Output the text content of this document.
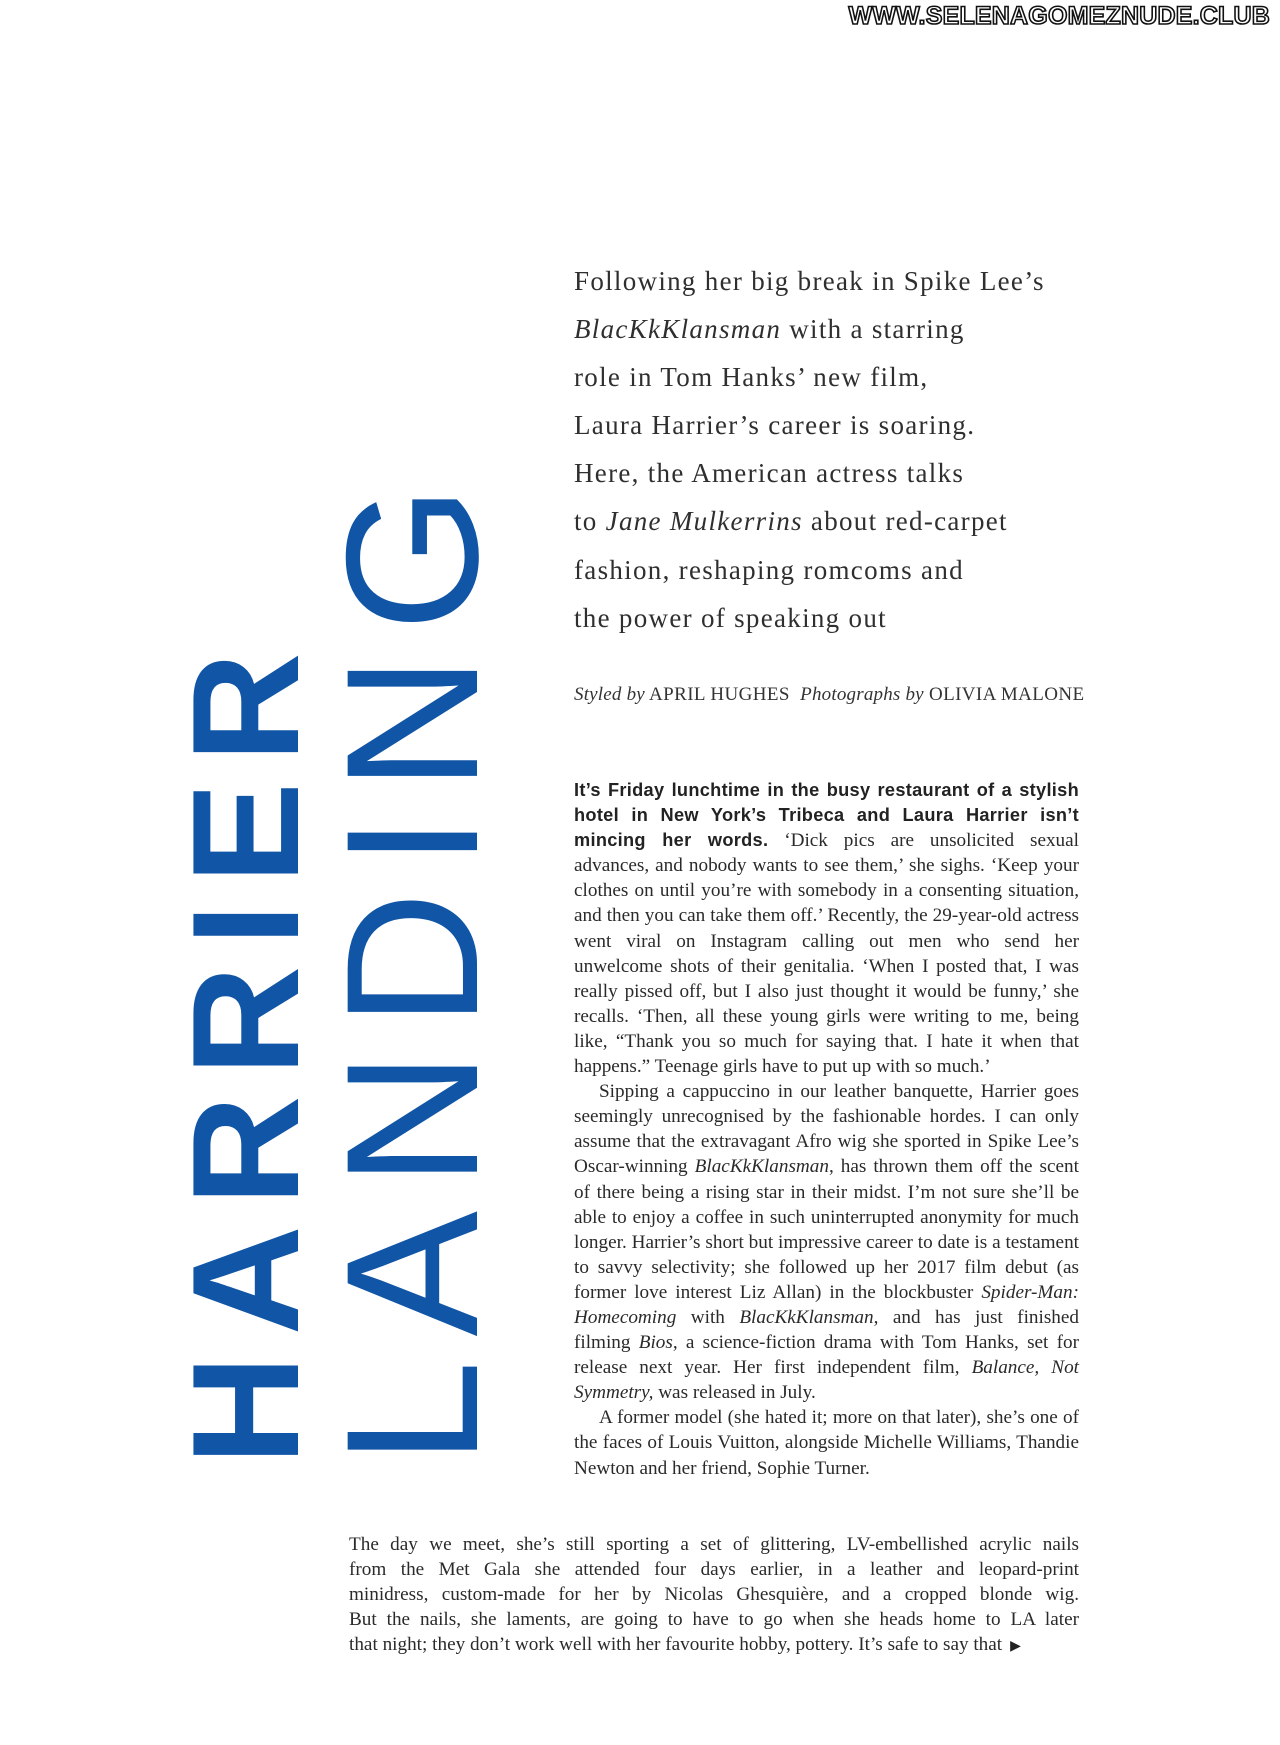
WWW.SELENAGOMEZNUDE.CLUB
HARRIER
LANDING
Following her big break in Spike Lee’s
BlacKkKlansman with a starring
role in Tom Hanks’ new film,
Laura Harrier’s career is soaring.
Here, the American actress talks
to Jane Mulkerrins about red-carpet
fashion, reshaping romcoms and
the power of speaking out
Styled by APRIL HUGHES Photographs by OLIVIA MALONE

It’s Friday lunchtime in the busy restaurant of a stylish hotel in New York’s Tribeca and Laura Harrier isn’t mincing her words. ‘Dick pics are unsolicited sexual advances, and nobody wants to see them,’ she sighs. ‘Keep your clothes on until you’re with somebody in a consenting situation, and then you can take them off.’ Recently, the 29-year-old actress went viral on Instagram calling out men who send her unwelcome shots of their genitalia. ‘When I posted that, I was really pissed off, but I also just thought it would be funny,’ she recalls. ‘Then, all these young girls were writing to me, being like, “Thank you so much for saying that. I hate it when that happens.” Teenage girls have to put up with so much.’

Sipping a cappuccino in our leather banquette, Harrier goes seemingly unrecognised by the fashionable hordes. I can only assume that the extravagant Afro wig she sported in Spike Lee’s Oscar-winning BlacKkKlansman, has thrown them off the scent of there being a rising star in their midst. I’m not sure she’ll be able to enjoy a coffee in such uninterrupted anonymity for much longer. Harrier’s short but impressive career to date is a testament to savvy selectivity; she followed up her 2017 film debut (as former love interest Liz Allan) in the blockbuster Spider-Man: Homecoming with BlacKkKlansman, and has just finished filming Bios, a science-fiction drama with Tom Hanks, set for release next year. Her first independent film, Balance, Not Symmetry, was released in July.

A former model (she hated it; more on that later), she’s one of the faces of Louis Vuitton, alongside Michelle Williams, Thandie Newton and her friend, Sophie Turner.

The day we meet, she’s still sporting a set of glittering, LV-embellished acrylic nails
from the Met Gala she attended four days earlier, in a leather and leopard-print
minidress, custom-made for her by Nicolas Ghesquière, and a cropped blonde wig.
But the nails, she laments, are going to have to go when she heads home to LA later
that night; they don’t work well with her favourite hobby, pottery. It’s safe to say that ▶
